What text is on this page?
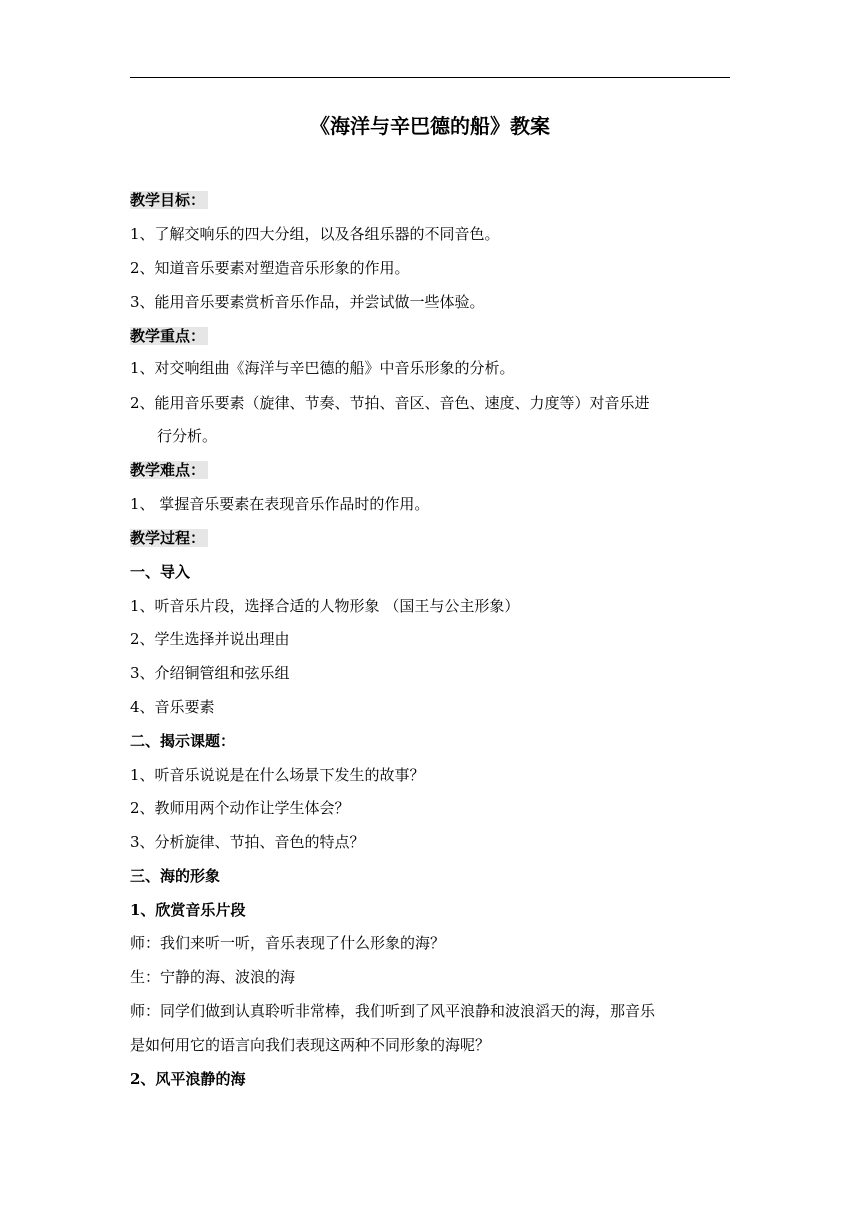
《海洋与辛巴德的船》教案
教学目标：
1、了解交响乐的四大分组，以及各组乐器的不同音色。
2、知道音乐要素对塑造音乐形象的作用。
3、能用音乐要素赏析音乐作品，并尝试做一些体验。
教学重点：
1、对交响组曲《海洋与辛巴德的船》中音乐形象的分析。
2、能用音乐要素（旋律、节奏、节拍、音区、音色、速度、力度等）对音乐进
行分析。
教学难点：
1、 掌握音乐要素在表现音乐作品时的作用。
教学过程：
一、导入
1、听音乐片段，选择合适的人物形象 （国王与公主形象）
2、学生选择并说出理由
3、介绍铜管组和弦乐组
4、音乐要素
二、揭示课题：
1、听音乐说说是在什么场景下发生的故事？
2、教师用两个动作让学生体会？
3、分析旋律、节拍、音色的特点？
三、海的形象
1、欣赏音乐片段
师：我们来听一听，音乐表现了什么形象的海？
生：宁静的海、波浪的海
师：同学们做到认真聆听非常棒，我们听到了风平浪静和波浪滔天的海，那音乐
是如何用它的语言向我们表现这两种不同形象的海呢？
2、风平浪静的海
